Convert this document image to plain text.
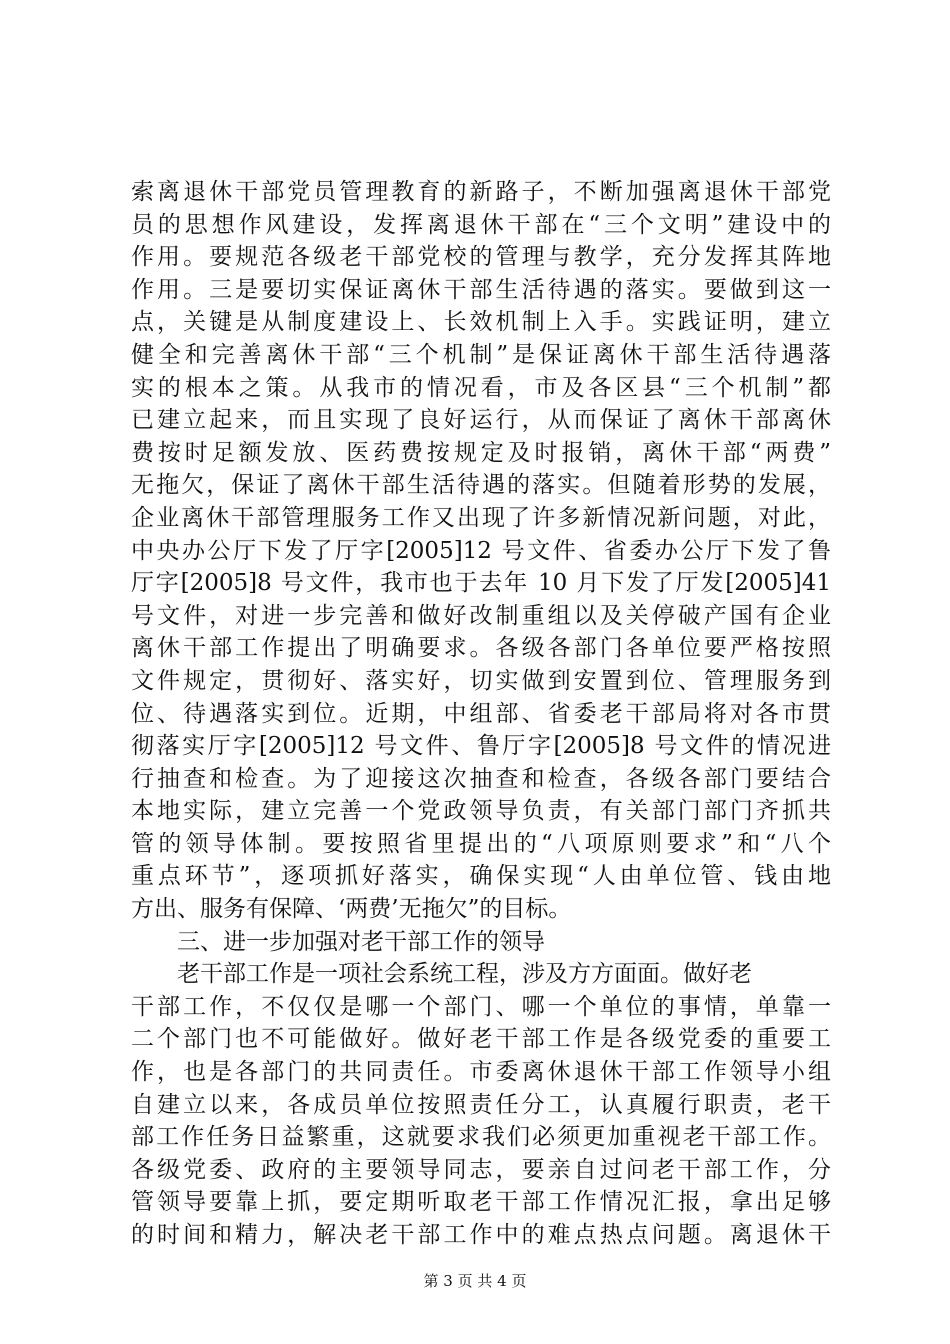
索离退休干部党员管理教育的新路子，不断加强离退休干部党
员的思想作风建设，发挥离退休干部在“三个文明”建设中的
作用。要规范各级老干部党校的管理与教学，充分发挥其阵地
作用。三是要切实保证离休干部生活待遇的落实。要做到这一
点，关键是从制度建设上、长效机制上入手。实践证明，建立
健全和完善离休干部“三个机制”是保证离休干部生活待遇落
实的根本之策。从我市的情况看，市及各区县“三个机制”都
已建立起来，而且实现了良好运行，从而保证了离休干部离休
费按时足额发放、医药费按规定及时报销，离休干部“两费”
无拖欠，保证了离休干部生活待遇的落实。但随着形势的发展，
企业离休干部管理服务工作又出现了许多新情况新问题，对此，
中央办公厅下发了厅字[2005]12 号文件、省委办公厅下发了鲁
厅字[2005]8 号文件，我市也于去年 10 月下发了厅发[2005]41
号文件，对进一步完善和做好改制重组以及关停破产国有企业
离休干部工作提出了明确要求。各级各部门各单位要严格按照
文件规定，贯彻好、落实好，切实做到安置到位、管理服务到
位、待遇落实到位。近期，中组部、省委老干部局将对各市贯
彻落实厅字[2005]12 号文件、鲁厅字[2005]8 号文件的情况进
行抽查和检查。为了迎接这次抽查和检查，各级各部门要结合
本地实际，建立完善一个党政领导负责，有关部门部门齐抓共
管的领导体制。要按照省里提出的“八项原则要求”和“八个
重点环节”，逐项抓好落实，确保实现“人由单位管、钱由地
方出、服务有保障、‘两费’无拖欠”的目标。
三、进一步加强对老干部工作的领导
老干部工作是一项社会系统工程，涉及方方面面。做好老
干部工作，不仅仅是哪一个部门、哪一个单位的事情，单靠一
二个部门也不可能做好。做好老干部工作是各级党委的重要工
作，也是各部门的共同责任。市委离休退休干部工作领导小组
自建立以来，各成员单位按照责任分工，认真履行职责，老干
部工作任务日益繁重，这就要求我们必须更加重视老干部工作。
各级党委、政府的主要领导同志，要亲自过问老干部工作，分
管领导要靠上抓，要定期听取老干部工作情况汇报，拿出足够
的时间和精力，解决老干部工作中的难点热点问题。离退休干
第 3 页 共 4 页
